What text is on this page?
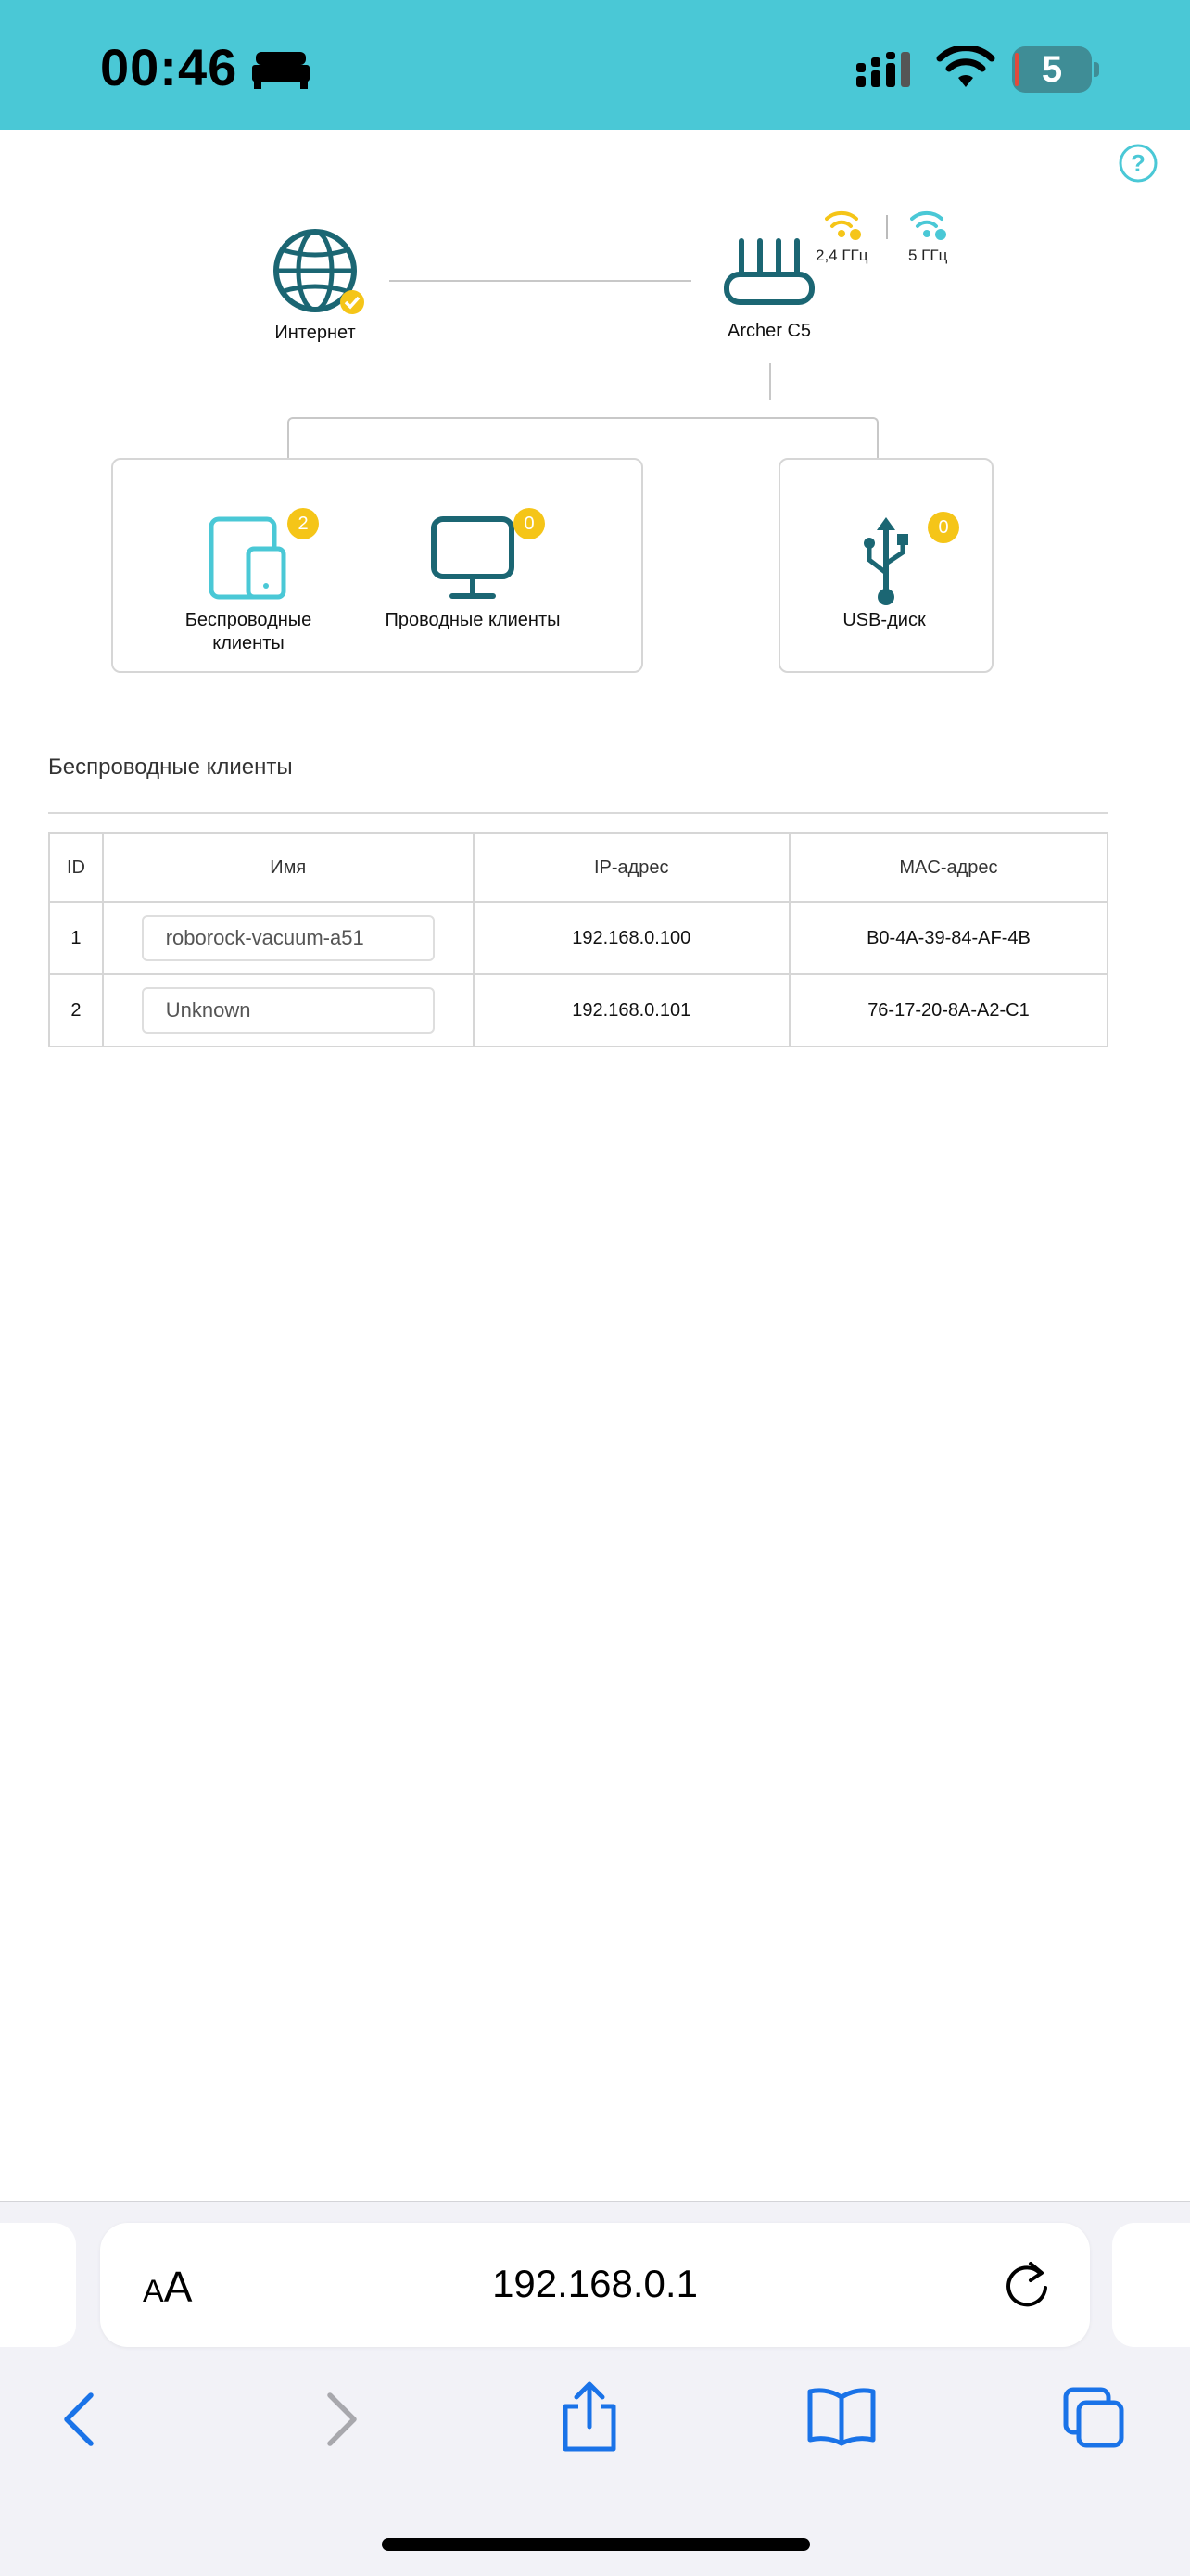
00:46	5
?
Интернет	Archer C5
2,4 ГГц	5 ГГц
2
Беспроводные
клиенты
0
Проводные клиенты
0
USB-диск
Беспроводные клиенты
ID	Имя	IP-адрес	MAC-адрес
1	roborock-vacuum-a51	192.168.0.100	B0-4A-39-84-AF-4B
2	Unknown	192.168.0.101	76-17-20-8A-A2-C1
AA	192.168.0.1
